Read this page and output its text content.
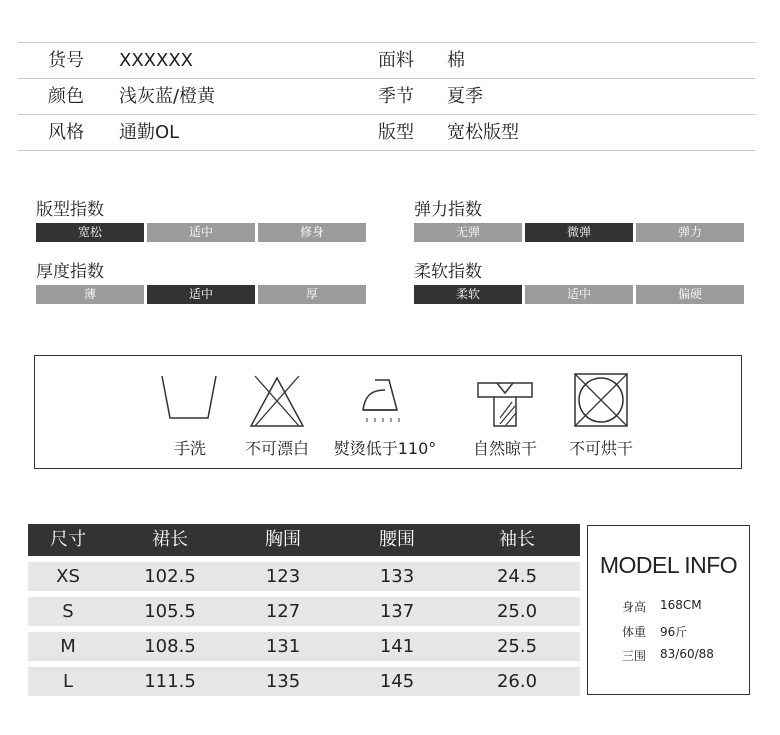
货号 XXXXXX	面料 棉
颜色 浅灰蓝/橙黄	季节 夏季
风格 通勤OL	版型 宽松版型
版型指数
宽松	适中	修身
弹力指数
无弹	微弹	弹力
厚度指数
薄	适中	厚
柔软指数
柔软	适中	偏硬
手洗 不可漂白 熨烫低于110° 自然晾干 不可烘干
尺寸	裙长	胸围	腰围	袖长
XS	102.5	123	133	24.5
S	105.5	127	137	25.0
M	108.5	131	141	25.5
L	111.5	135	145	26.0
MODEL INFO
身高 168CM
体重 96斤
三围 83/60/88
